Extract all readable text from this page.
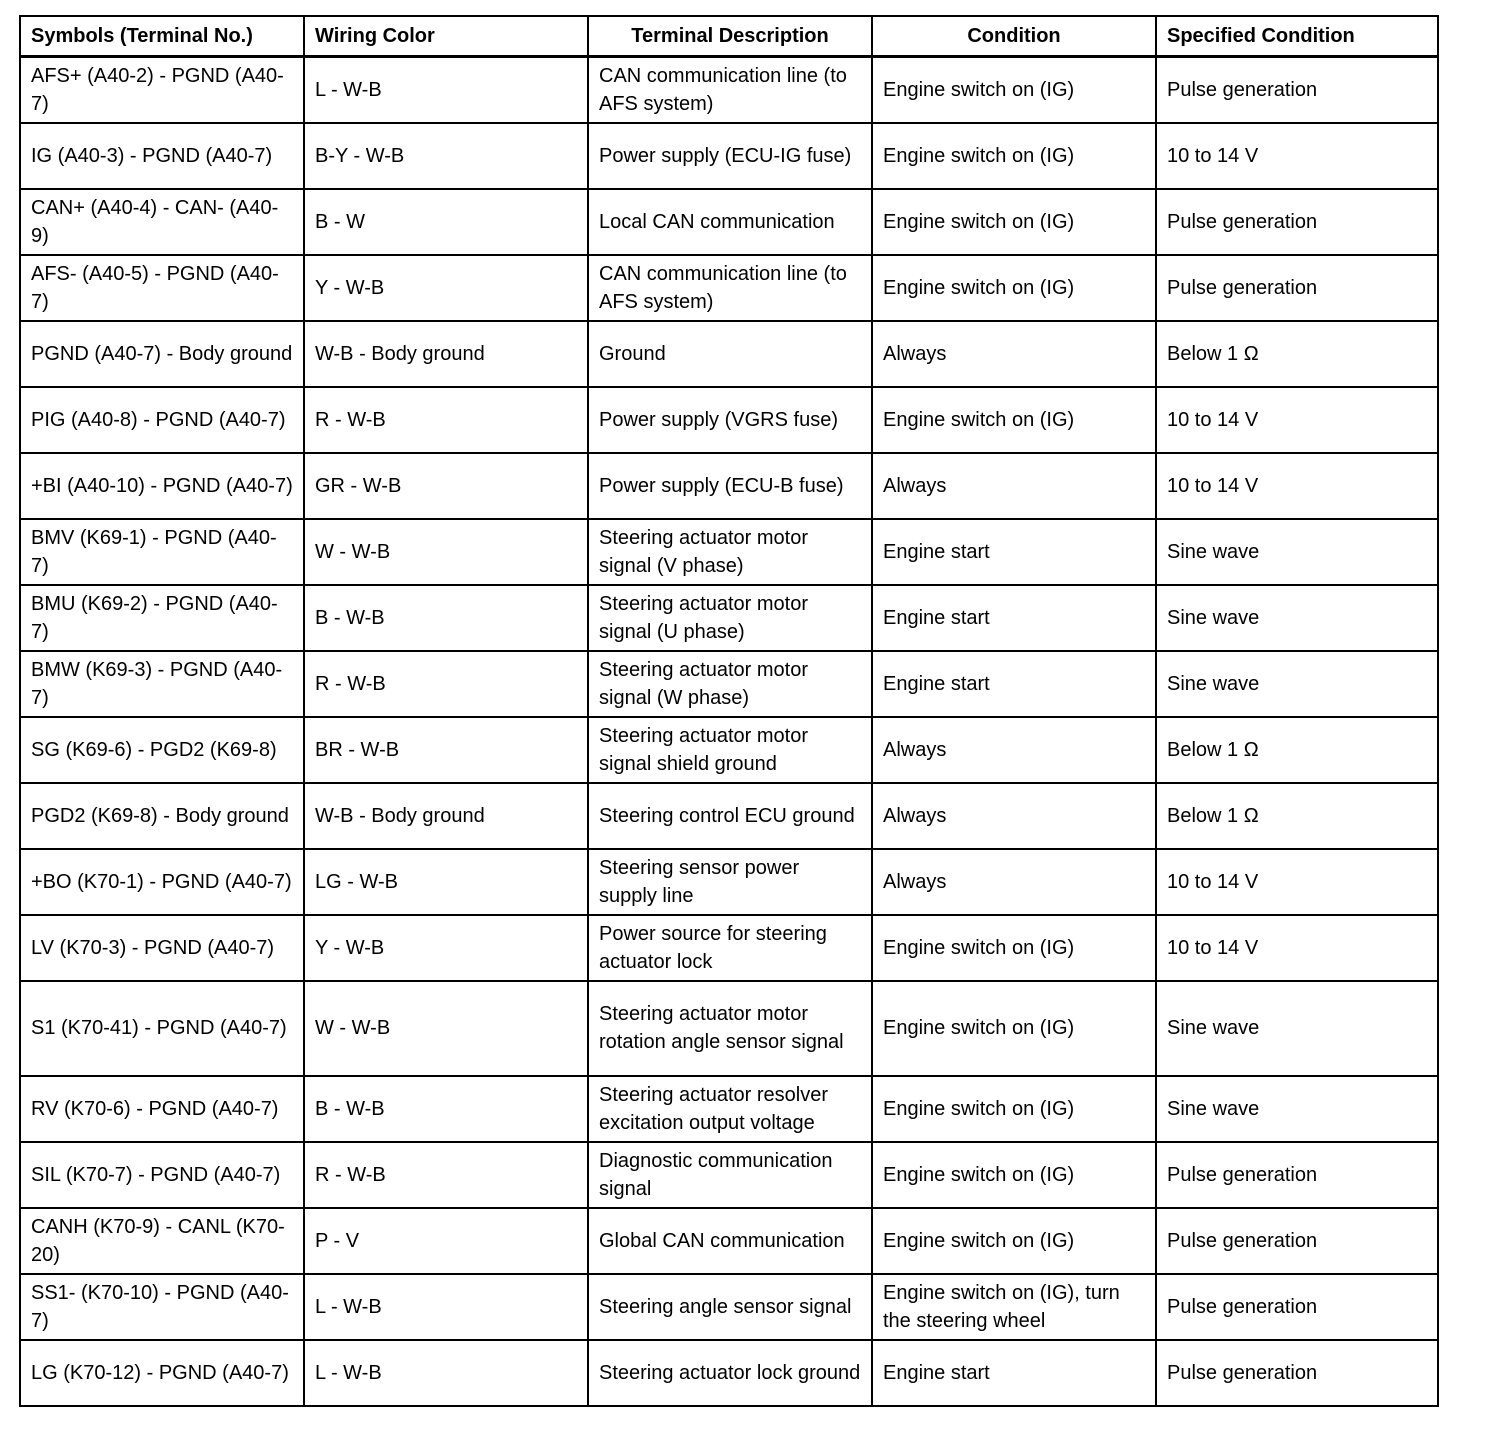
Symbols (Terminal No.)	Wiring Color	Terminal Description	Condition	Specified Condition
AFS+ (A40-2) - PGND (A40-7)	L - W-B	CAN communication line (to AFS system)	Engine switch on (IG)	Pulse generation
IG (A40-3) - PGND (A40-7)	B-Y - W-B	Power supply (ECU-IG fuse)	Engine switch on (IG)	10 to 14 V
CAN+ (A40-4) - CAN- (A40-9)	B - W	Local CAN communication	Engine switch on (IG)	Pulse generation
AFS- (A40-5) - PGND (A40-7)	Y - W-B	CAN communication line (to AFS system)	Engine switch on (IG)	Pulse generation
PGND (A40-7) - Body ground	W-B - Body ground	Ground	Always	Below 1 Ω
PIG (A40-8) - PGND (A40-7)	R - W-B	Power supply (VGRS fuse)	Engine switch on (IG)	10 to 14 V
+BI (A40-10) - PGND (A40-7)	GR - W-B	Power supply (ECU-B fuse)	Always	10 to 14 V
BMV (K69-1) - PGND (A40-7)	W - W-B	Steering actuator motor signal (V phase)	Engine start	Sine wave
BMU (K69-2) - PGND (A40-7)	B - W-B	Steering actuator motor signal (U phase)	Engine start	Sine wave
BMW (K69-3) - PGND (A40-7)	R - W-B	Steering actuator motor signal (W phase)	Engine start	Sine wave
SG (K69-6) - PGD2 (K69-8)	BR - W-B	Steering actuator motor signal shield ground	Always	Below 1 Ω
PGD2 (K69-8) - Body ground	W-B - Body ground	Steering control ECU ground	Always	Below 1 Ω
+BO (K70-1) - PGND (A40-7)	LG - W-B	Steering sensor power supply line	Always	10 to 14 V
LV (K70-3) - PGND (A40-7)	Y - W-B	Power source for steering actuator lock	Engine switch on (IG)	10 to 14 V
S1 (K70-41) - PGND (A40-7)	W - W-B	Steering actuator motor rotation angle sensor signal	Engine switch on (IG)	Sine wave
RV (K70-6) - PGND (A40-7)	B - W-B	Steering actuator resolver excitation output voltage	Engine switch on (IG)	Sine wave
SIL (K70-7) - PGND (A40-7)	R - W-B	Diagnostic communication signal	Engine switch on (IG)	Pulse generation
CANH (K70-9) - CANL (K70-20)	P - V	Global CAN communication	Engine switch on (IG)	Pulse generation
SS1- (K70-10) - PGND (A40-7)	L - W-B	Steering angle sensor signal	Engine switch on (IG), turn the steering wheel	Pulse generation
LG (K70-12) - PGND (A40-7)	L - W-B	Steering actuator lock ground	Engine start	Pulse generation
